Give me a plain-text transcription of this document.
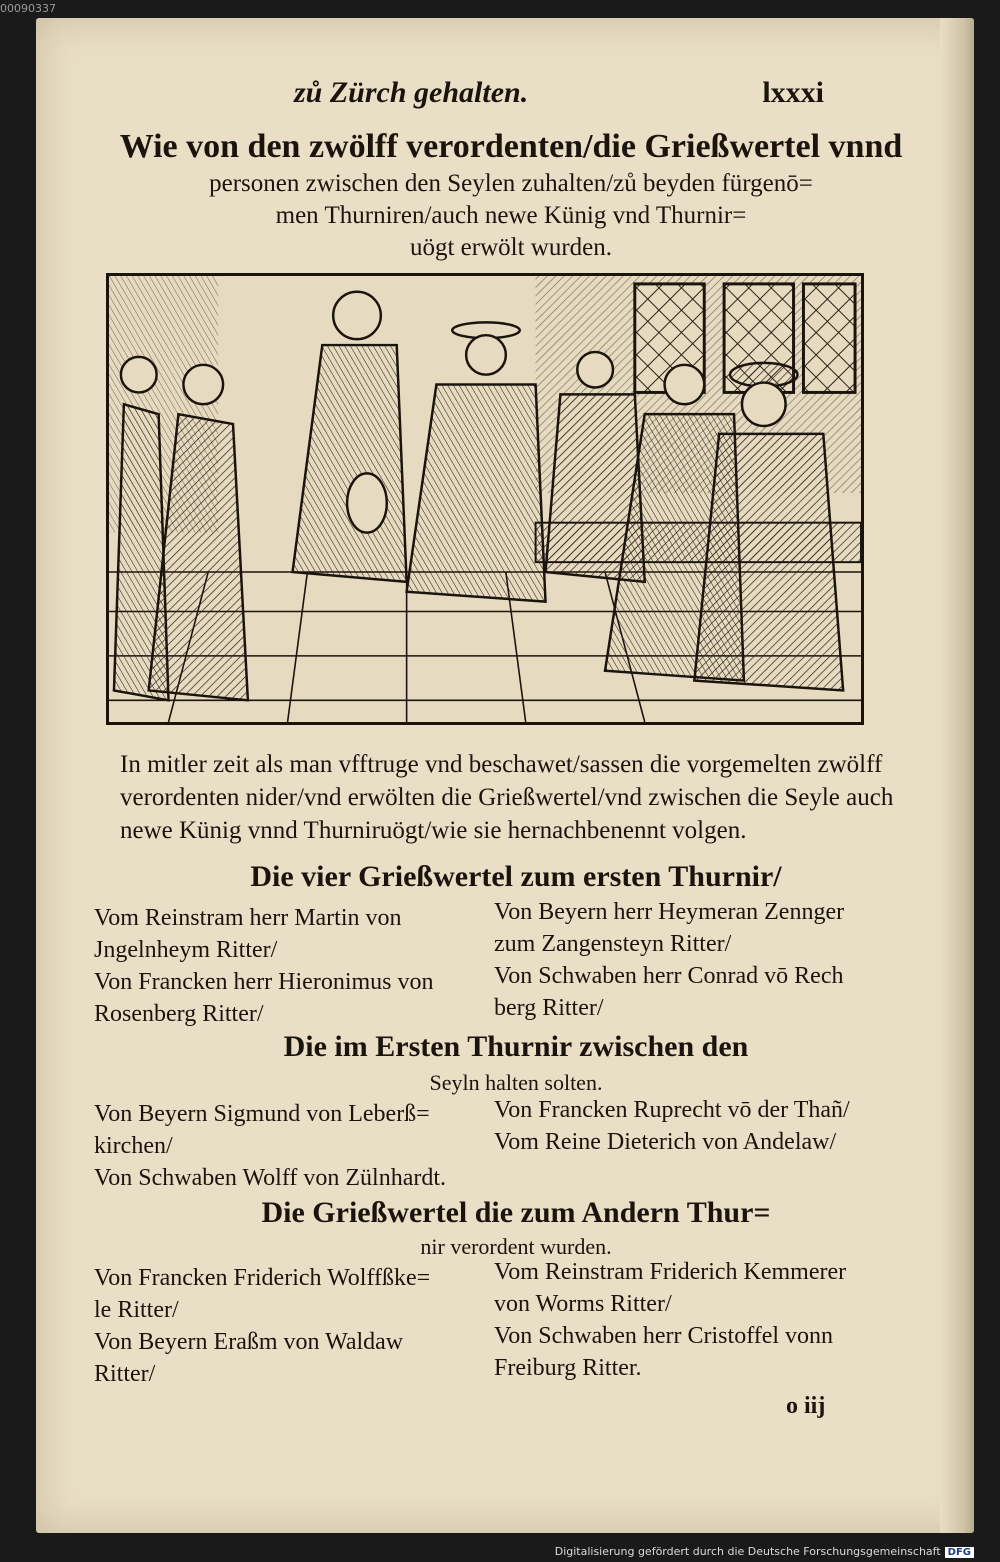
00090337
zů Zürch gehalten.	lxxxi
Wie von den zwölff verordenten/die Grießwertel vnnd
personen zwischen den Seylen zuhalten/zů beyden fürgenō=
men Thurniren/auch newe Künig vnd Thurnir=
uögt erwölt wurden.
In mitler zeit als man vfftruge vnd beschawet/sassen die vorgemelten zwölff
verordenten nider/vnd erwölten die Grießwertel/vnd zwischen die Seyle auch
newe Künig vnnd Thurniruögt/wie sie hernachbenennt volgen.
Die vier Grießwertel zum ersten Thurnir/
Vom Reinstram herr Martin von
Jngelnheym Ritter/
Von Francken herr Hieronimus von
Rosenberg Ritter/
Von Beyern herr Heymeran Zennger
zum Zangensteyn Ritter/
Von Schwaben herr Conrad vō Rech
berg Ritter/
Die im Ersten Thurnir zwischen den
Seyln halten solten.
Von Beyern Sigmund von Leberß=
kirchen/
Von Schwaben Wolff von Zülnhardt.
Von Francken Ruprecht vō der Thañ/
Vom Reine Dieterich von Andelaw/
Die Grießwertel die zum Andern Thur=
nir verordent wurden.
Von Francken Friderich Wolffßke=
le Ritter/
Von Beyern Eraßm von Waldaw
Ritter/
Vom Reinstram Friderich Kemmerer
von Worms Ritter/
Von Schwaben herr Cristoffel vonn
Freiburg Ritter.
o iij
Digitalisierung gefördert durch die Deutsche Forschungsgemeinschaft DFG
